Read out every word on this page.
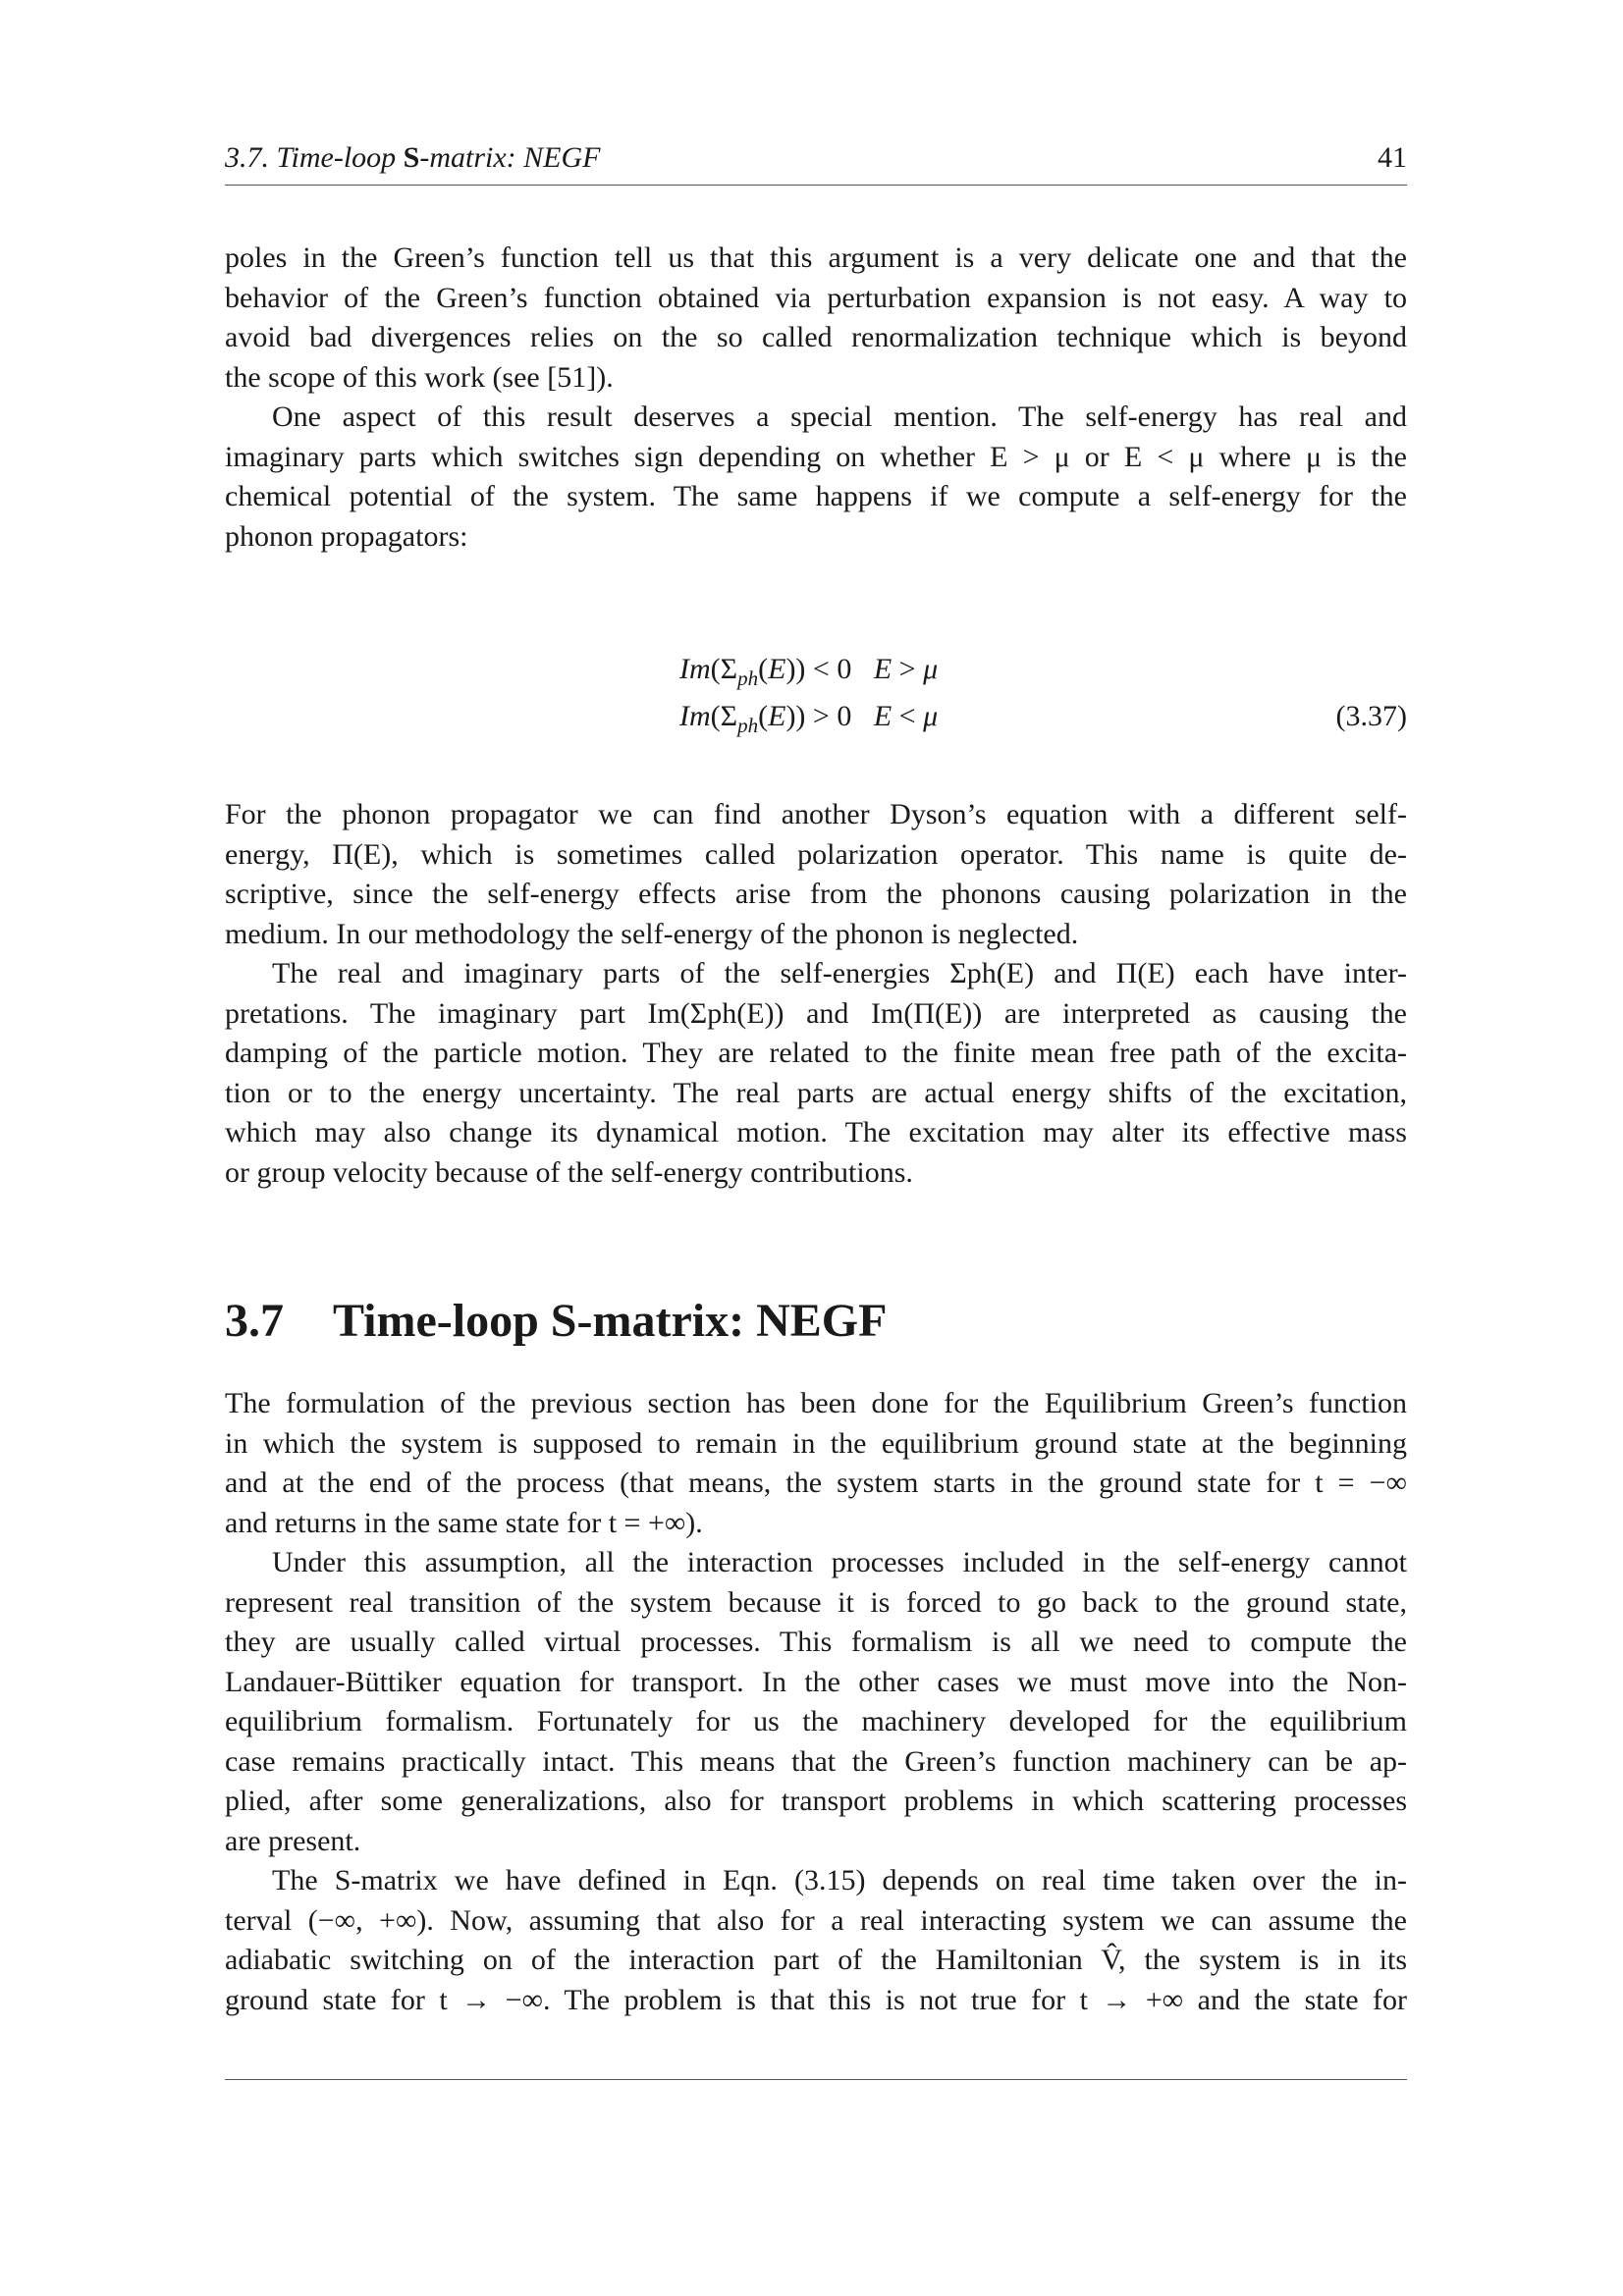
3.7. Time-loop S-matrix: NEGF	41
poles in the Green’s function tell us that this argument is a very delicate one and that the
behavior of the Green’s function obtained via perturbation expansion is not easy. A way to
avoid bad divergences relies on the so called renormalization technique which is beyond
the scope of this work (see [51]).
One aspect of this result deserves a special mention. The self-energy has real and
imaginary parts which switches sign depending on whether E > μ or E < μ where μ is the
chemical potential of the system. The same happens if we compute a self-energy for the
phonon propagators:
$Im(\Sigma_{ph}(E)) < 0$   E > μ
$Im(\Sigma_{ph}(E)) > 0$   E < μ	(3.37)
For the phonon propagator we can find another Dyson’s equation with a different self-
energy, Π(E), which is sometimes called polarization operator. This name is quite de-
scriptive, since the self-energy effects arise from the phonons causing polarization in the
medium. In our methodology the self-energy of the phonon is neglected.
The real and imaginary parts of the self-energies Σph(E) and Π(E) each have inter-
pretations. The imaginary part Im(Σph(E)) and Im(Π(E)) are interpreted as causing the
damping of the particle motion. They are related to the finite mean free path of the excita-
tion or to the energy uncertainty. The real parts are actual energy shifts of the excitation,
which may also change its dynamical motion. The excitation may alter its effective mass
or group velocity because of the self-energy contributions.
3.7 Time-loop S-matrix: NEGF
The formulation of the previous section has been done for the Equilibrium Green’s function
in which the system is supposed to remain in the equilibrium ground state at the beginning
and at the end of the process (that means, the system starts in the ground state for t = −∞
and returns in the same state for t = +∞).
Under this assumption, all the interaction processes included in the self-energy cannot
represent real transition of the system because it is forced to go back to the ground state,
they are usually called virtual processes. This formalism is all we need to compute the
Landauer-Büttiker equation for transport. In the other cases we must move into the Non-
equilibrium formalism. Fortunately for us the machinery developed for the equilibrium
case remains practically intact. This means that the Green’s function machinery can be ap-
plied, after some generalizations, also for transport problems in which scattering processes
are present.
The S-matrix we have defined in Eqn. (3.15) depends on real time taken over the in-
terval (−∞, +∞). Now, assuming that also for a real interacting system we can assume the
adiabatic switching on of the interaction part of the Hamiltonian V̂, the system is in its
ground state for t → −∞. The problem is that this is not true for t → +∞ and the state for
